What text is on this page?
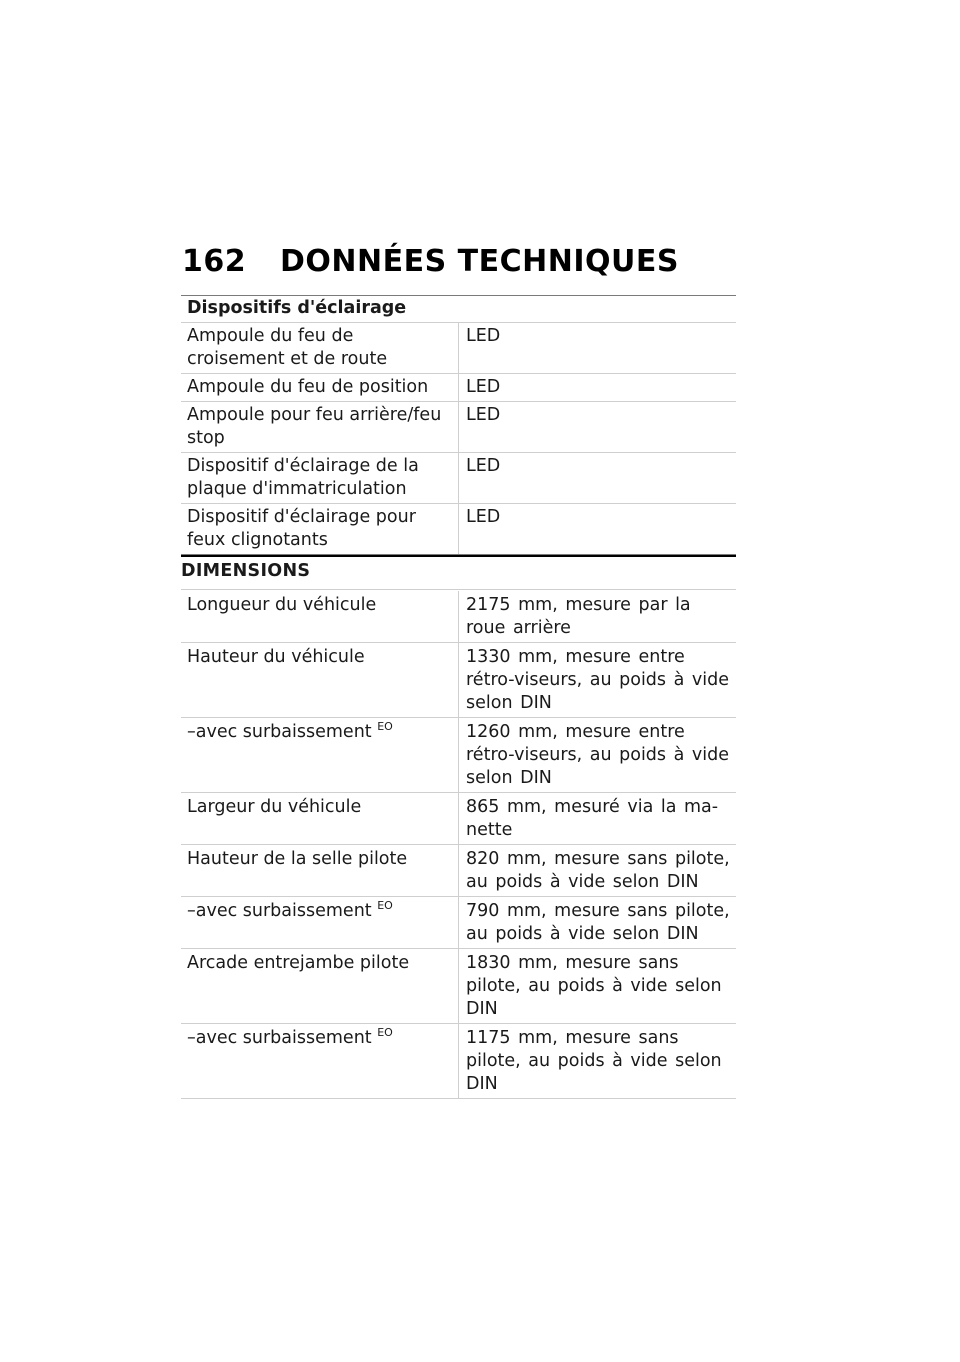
162 DONNÉES TECHNIQUES
Dispositifs d'éclairage	
Ampoule du feu de croisement et de route	LED
Ampoule du feu de position	LED
Ampoule pour feu arrière/feu stop	LED
Dispositif d'éclairage de la plaque d'immatriculation	LED
Dispositif d'éclairage pour feux clignotants	LED
DIMENSIONS
Longueur du véhicule	2175 mm, mesure par la roue arrière
Hauteur du véhicule	1330 mm, mesure entre rétro-viseurs, au poids à vide selon DIN
–avec surbaissement $^{EO}$	1260 mm, mesure entre rétro-viseurs, au poids à vide selon DIN
Largeur du véhicule	865 mm, mesuré via la ma-nette
Hauteur de la selle pilote	820 mm, mesure sans pilote, au poids à vide selon DIN
–avec surbaissement $^{EO}$	790 mm, mesure sans pilote, au poids à vide selon DIN
Arcade entrejambe pilote	1830 mm, mesure sans pilote, au poids à vide selon DIN
–avec surbaissement $^{EO}$	1175 mm, mesure sans pilote, au poids à vide selon DIN
